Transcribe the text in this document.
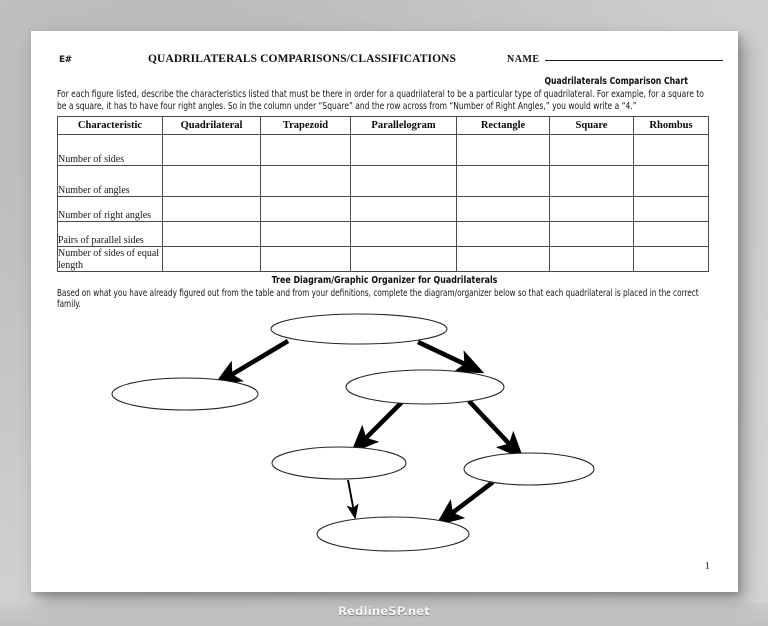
RedlineSP.net
E#	QUADRILATERALS COMPARISONS/CLASSIFICATIONS	NAME
Quadrilaterals Comparison Chart
For each figure listed, describe the characteristics listed that must be there in order for a quadrilateral to be a particular type of quadrilateral. For example, for a square to be a square, it has to have four right angles. So in the column under “Square” and the row across from “Number of Right Angles,” you would write a “4.”
Characteristic	Quadrilateral	Trapezoid	Parallelogram	Rectangle	Square	Rhombus
Number of sides						
Number of angles						
Number of right angles						
Pairs of parallel sides						
Number of sides of equal length						
Tree Diagram/Graphic Organizer for Quadrilaterals
Based on what you have already figured out from the table and from your definitions, complete the diagram/organizer below so that each quadrilateral is placed in the correct family.
1
